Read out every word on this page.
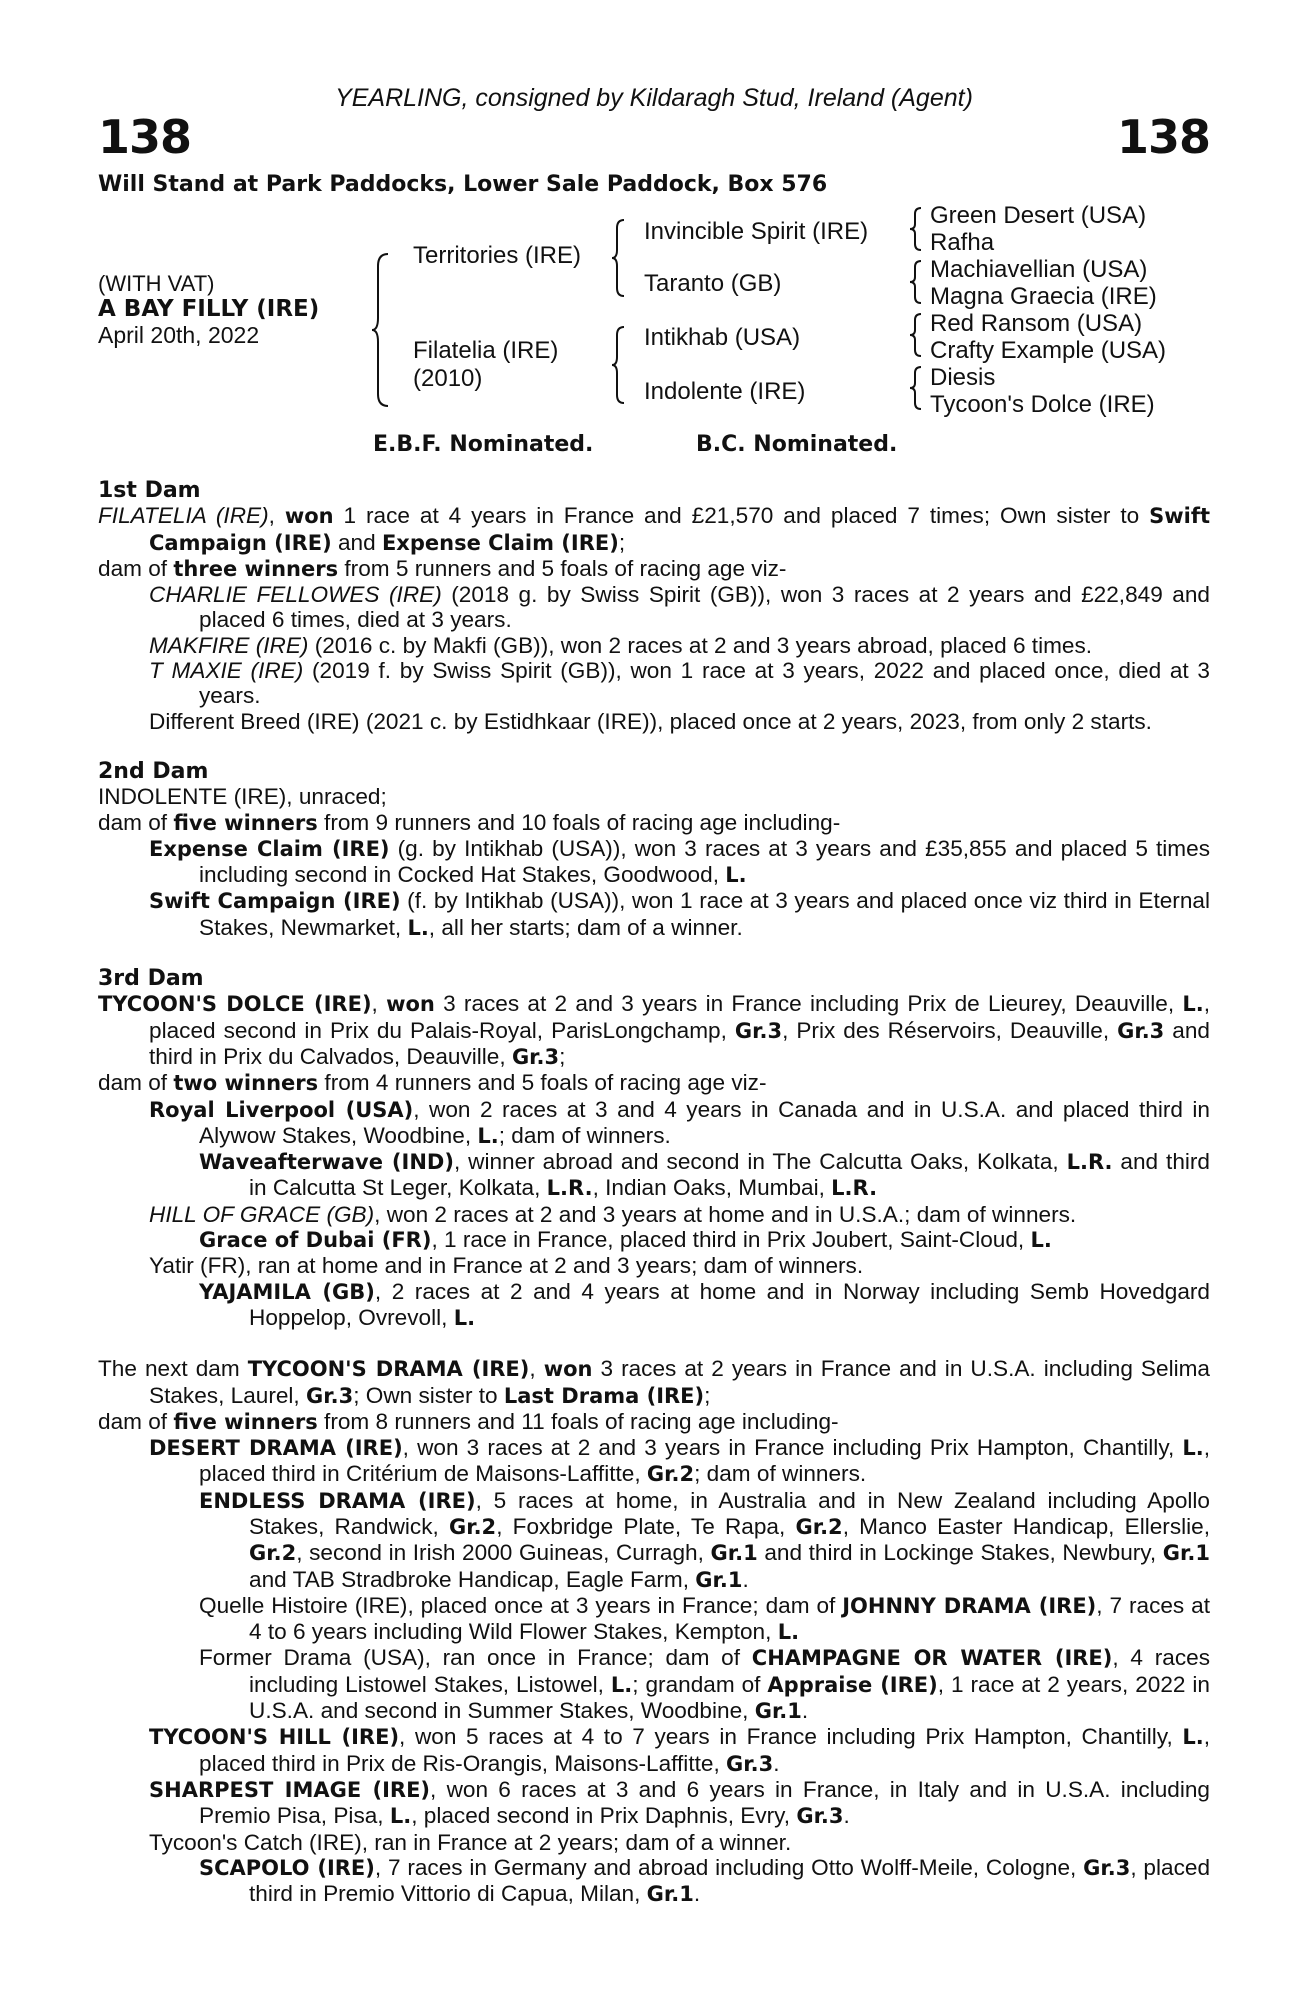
YEARLING, consigned by Kildaragh Stud, Ireland (Agent)
138	138
Will Stand at Park Paddocks, Lower Sale Paddock, Box 576
(WITH VAT)
A BAY FILLY (IRE)
April 20th, 2022
Territories (IRE)
Filatelia (IRE)
(2010)
Invincible Spirit (IRE)
Taranto (GB)
Intikhab (USA)
Indolente (IRE)
Green Desert (USA)
Rafha
Machiavellian (USA)
Magna Graecia (IRE)
Red Ransom (USA)
Crafty Example (USA)
Diesis
Tycoon's Dolce (IRE)
E.B.F. Nominated.	B.C. Nominated.
1st Dam
FILATELIA (IRE), won 1 race at 4 years in France and £21,570 and placed 7 times; Own sister to Swift Campaign (IRE) and Expense Claim (IRE);
dam of three winners from 5 runners and 5 foals of racing age viz-
CHARLIE FELLOWES (IRE) (2018 g. by Swiss Spirit (GB)), won 3 races at 2 years and £22,849 and placed 6 times, died at 3 years.
MAKFIRE (IRE) (2016 c. by Makfi (GB)), won 2 races at 2 and 3 years abroad, placed 6 times.
T MAXIE (IRE) (2019 f. by Swiss Spirit (GB)), won 1 race at 3 years, 2022 and placed once, died at 3 years.
Different Breed (IRE) (2021 c. by Estidhkaar (IRE)), placed once at 2 years, 2023, from only 2 starts.
2nd Dam
INDOLENTE (IRE), unraced;
dam of five winners from 9 runners and 10 foals of racing age including-
Expense Claim (IRE) (g. by Intikhab (USA)), won 3 races at 3 years and £35,855 and placed 5 times including second in Cocked Hat Stakes, Goodwood, L.
Swift Campaign (IRE) (f. by Intikhab (USA)), won 1 race at 3 years and placed once viz third in Eternal Stakes, Newmarket, L., all her starts; dam of a winner.
3rd Dam
TYCOON'S DOLCE (IRE), won 3 races at 2 and 3 years in France including Prix de Lieurey, Deauville, L., placed second in Prix du Palais-Royal, ParisLongchamp, Gr.3, Prix des Réservoirs, Deauville, Gr.3 and third in Prix du Calvados, Deauville, Gr.3;
dam of two winners from 4 runners and 5 foals of racing age viz-
Royal Liverpool (USA), won 2 races at 3 and 4 years in Canada and in U.S.A. and placed third in Alywow Stakes, Woodbine, L.; dam of winners.
Waveafterwave (IND), winner abroad and second in The Calcutta Oaks, Kolkata, L.R. and third in Calcutta St Leger, Kolkata, L.R., Indian Oaks, Mumbai, L.R.
HILL OF GRACE (GB), won 2 races at 2 and 3 years at home and in U.S.A.; dam of winners.
Grace of Dubai (FR), 1 race in France, placed third in Prix Joubert, Saint-Cloud, L.
Yatir (FR), ran at home and in France at 2 and 3 years; dam of winners.
YAJAMILA (GB), 2 races at 2 and 4 years at home and in Norway including Semb Hovedgard Hoppelop, Ovrevoll, L.
The next dam TYCOON'S DRAMA (IRE), won 3 races at 2 years in France and in U.S.A. including Selima Stakes, Laurel, Gr.3; Own sister to Last Drama (IRE);
dam of five winners from 8 runners and 11 foals of racing age including-
DESERT DRAMA (IRE), won 3 races at 2 and 3 years in France including Prix Hampton, Chantilly, L., placed third in Critérium de Maisons-Laffitte, Gr.2; dam of winners.
ENDLESS DRAMA (IRE), 5 races at home, in Australia and in New Zealand including Apollo Stakes, Randwick, Gr.2, Foxbridge Plate, Te Rapa, Gr.2, Manco Easter Handicap, Ellerslie, Gr.2, second in Irish 2000 Guineas, Curragh, Gr.1 and third in Lockinge Stakes, Newbury, Gr.1 and TAB Stradbroke Handicap, Eagle Farm, Gr.1.
Quelle Histoire (IRE), placed once at 3 years in France; dam of JOHNNY DRAMA (IRE), 7 races at 4 to 6 years including Wild Flower Stakes, Kempton, L.
Former Drama (USA), ran once in France; dam of CHAMPAGNE OR WATER (IRE), 4 races including Listowel Stakes, Listowel, L.; grandam of Appraise (IRE), 1 race at 2 years, 2022 in U.S.A. and second in Summer Stakes, Woodbine, Gr.1.
TYCOON'S HILL (IRE), won 5 races at 4 to 7 years in France including Prix Hampton, Chantilly, L., placed third in Prix de Ris-Orangis, Maisons-Laffitte, Gr.3.
SHARPEST IMAGE (IRE), won 6 races at 3 and 6 years in France, in Italy and in U.S.A. including Premio Pisa, Pisa, L., placed second in Prix Daphnis, Evry, Gr.3.
Tycoon's Catch (IRE), ran in France at 2 years; dam of a winner.
SCAPOLO (IRE), 7 races in Germany and abroad including Otto Wolff-Meile, Cologne, Gr.3, placed third in Premio Vittorio di Capua, Milan, Gr.1.
